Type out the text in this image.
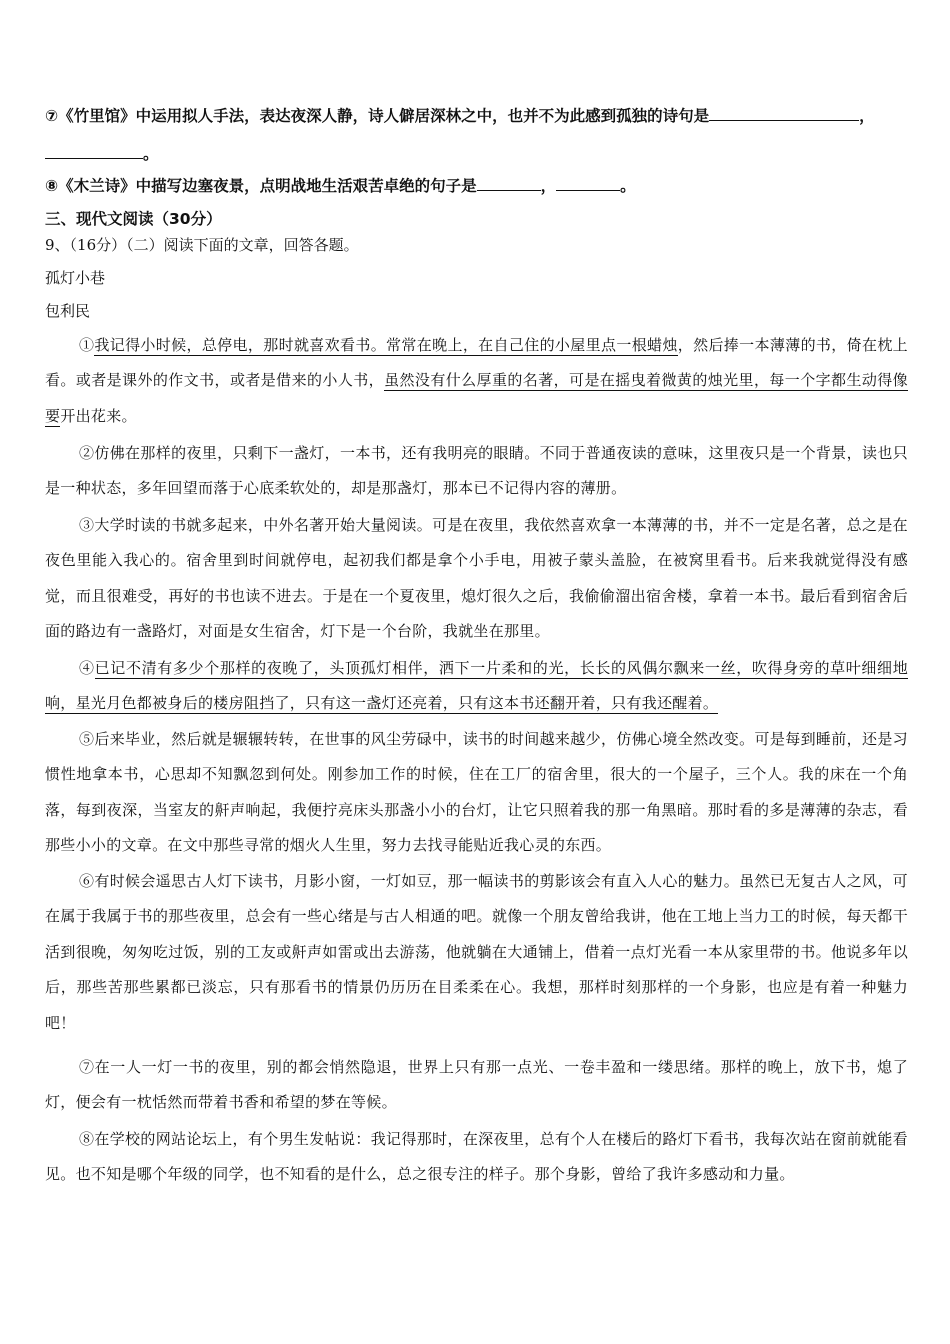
⑦《竹里馆》中运用拟人手法，表达夜深人静，诗人僻居深林之中，也并不为此感到孤独的诗句是	，
。
⑧《木兰诗》中描写边塞夜景，点明战地生活艰苦卓绝的句子是	，	。
三、现代文阅读（30分）
9、（16分）（二）阅读下面的文章，回答各题。
孤灯小巷
包利民
①我记得小时候，总停电，那时就喜欢看书。常常在晚上，在自己住的小屋里点一根蜡烛，然后捧一本薄薄的书，倚在枕上看。或者是课外的作文书，或者是借来的小人书，虽然没有什么厚重的名著，可是在摇曳着微黄的烛光里，每一个字都生动得像要开出花来。
②仿佛在那样的夜里，只剩下一盏灯，一本书，还有我明亮的眼睛。不同于普通夜读的意味，这里夜只是一个背景，读也只是一种状态，多年回望而落于心底柔软处的，却是那盏灯，那本已不记得内容的薄册。
③大学时读的书就多起来，中外名著开始大量阅读。可是在夜里，我依然喜欢拿一本薄薄的书，并不一定是名著，总之是在夜色里能入我心的。宿舍里到时间就停电，起初我们都是拿个小手电，用被子蒙头盖脸，在被窝里看书。后来我就觉得没有感觉，而且很难受，再好的书也读不进去。于是在一个夏夜里，熄灯很久之后，我偷偷溜出宿舍楼，拿着一本书。最后看到宿舍后面的路边有一盏路灯，对面是女生宿舍，灯下是一个台阶，我就坐在那里。
④已记不清有多少个那样的夜晚了，头顶孤灯相伴，洒下一片柔和的光，长长的风偶尔飘来一丝，吹得身旁的草叶细细地响，星光月色都被身后的楼房阻挡了，只有这一盏灯还亮着，只有这本书还翻开着，只有我还醒着。
⑤后来毕业，然后就是辗辗转转，在世事的风尘劳碌中，读书的时间越来越少，仿佛心境全然改变。可是每到睡前，还是习惯性地拿本书，心思却不知飘忽到何处。刚参加工作的时候，住在工厂的宿舍里，很大的一个屋子，三个人。我的床在一个角落，每到夜深，当室友的鼾声响起，我便拧亮床头那盏小小的台灯，让它只照着我的那一角黑暗。那时看的多是薄薄的杂志，看那些小小的文章。在文中那些寻常的烟火人生里，努力去找寻能贴近我心灵的东西。
⑥有时候会遥思古人灯下读书，月影小窗，一灯如豆，那一幅读书的剪影该会有直入人心的魅力。虽然已无复古人之风，可在属于我属于书的那些夜里，总会有一些心绪是与古人相通的吧。就像一个朋友曾给我讲，他在工地上当力工的时候，每天都干活到很晚，匆匆吃过饭，别的工友或鼾声如雷或出去游荡，他就躺在大通铺上，借着一点灯光看一本从家里带的书。他说多年以后，那些苦那些累都已淡忘，只有那看书的情景仍历历在目柔柔在心。我想，那样时刻那样的一个身影，也应是有着一种魅力吧！
⑦在一人一灯一书的夜里，别的都会悄然隐退，世界上只有那一点光、一卷丰盈和一缕思绪。那样的晚上，放下书，熄了灯，便会有一枕恬然而带着书香和希望的梦在等候。
⑧在学校的网站论坛上，有个男生发帖说：我记得那时，在深夜里，总有个人在楼后的路灯下看书，我每次站在窗前就能看见。也不知是哪个年级的同学，也不知看的是什么，总之很专注的样子。那个身影，曾给了我许多感动和力量。
